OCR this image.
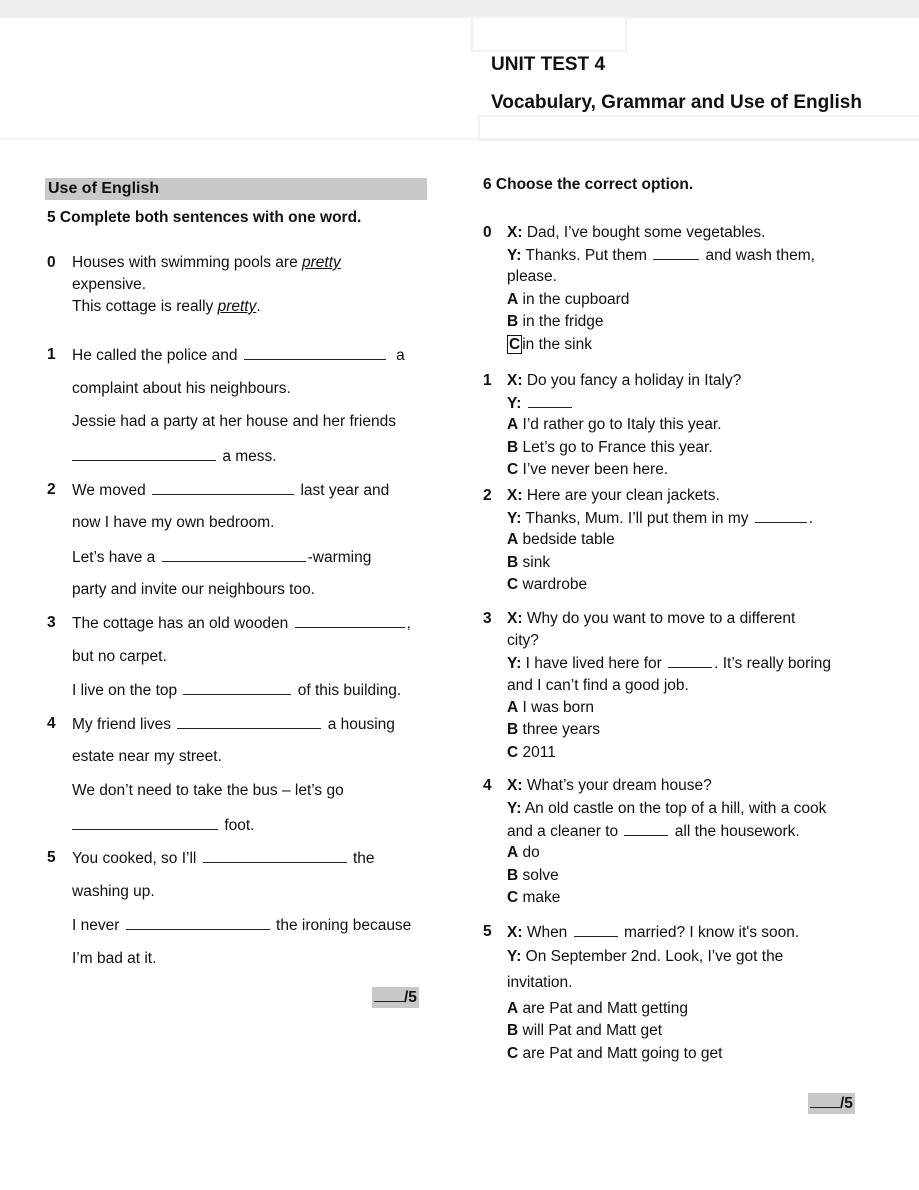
UNIT TEST 4
Vocabulary, Grammar and Use of English
Use of English
5 Complete both sentences with one word.
0	Houses with swimming pools are pretty
expensive.
This cottage is really pretty.
1	He called the police and	a
complaint about his neighbours.
Jessie had a party at her house and her friends
a mess.
2	We moved	last year and
now I have my own bedroom.
Let’s have a	-warming
party and invite our neighbours too.
3	The cottage has an old wooden	,
but no carpet.
I live on the top	of this building.
4	My friend lives	a housing
estate near my street.
We don’t need to take the bus – let’s go
foot.
5	You cooked, so I’ll	the
washing up.
I never	the ironing because
I’m bad at it.
/5
6 Choose the correct option.
0 X: Dad, I’ve bought some vegetables.
Y: Thanks. Put them	and wash them,
please.
A in the cupboard
B in the fridge
C in the sink
1 X: Do you fancy a holiday in Italy?
Y:
A I’d rather go to Italy this year.
B Let’s go to France this year.
C I’ve never been here.
2 X: Here are your clean jackets.
Y: Thanks, Mum. I’ll put them in my	.
A bedside table
B sink
C wardrobe
3 X: Why do you want to move to a different
city?
Y: I have lived here for	. It’s really boring
and I can’t find a good job.
A I was born
B three years
C 2011
4 X: What’s your dream house?
Y: An old castle on the top of a hill, with a cook
and a cleaner to	all the housework.
A do
B solve
C make
5 X: When	married? I know it's soon.
Y: On September 2nd. Look, I’ve got the
invitation.
A are Pat and Matt getting
B will Pat and Matt get
C are Pat and Matt going to get
/5
